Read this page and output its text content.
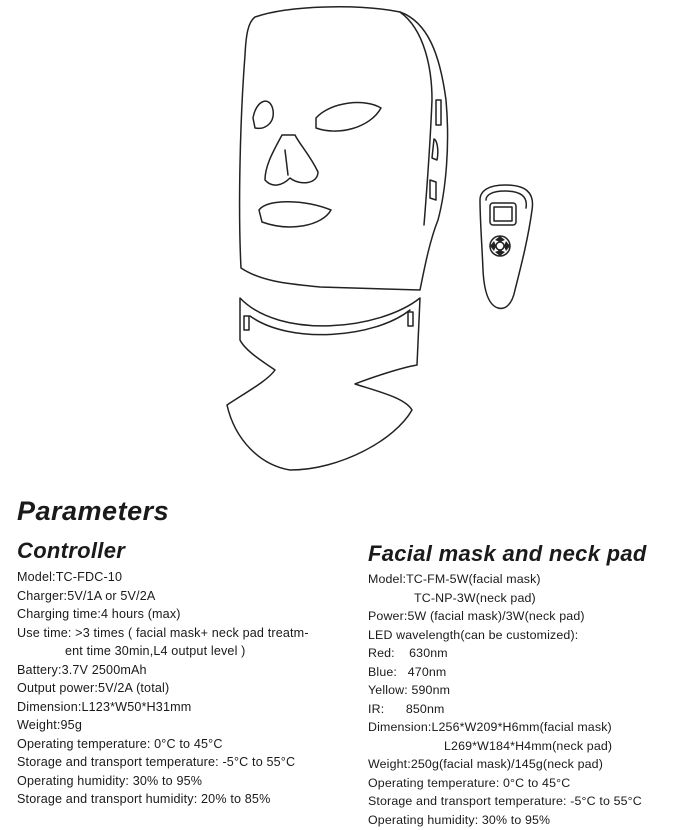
Parameters
Controller
Model:TC-FDC-10
Charger:5V/1A or 5V/2A
Charging time:4 hours (max)
Use time: >3 times ( facial mask+ neck pad treatm-
ent time 30min,L4 output level )
Battery:3.7V 2500mAh
Output power:5V/2A (total)
Dimension:L123*W50*H31mm
Weight:95g
Operating temperature: 0°C to 45°C
Storage and transport temperature: -5°C to 55°C
Operating humidity: 30% to 95%
Storage and transport humidity: 20% to 85%
Facial mask and neck pad
Model:TC-FM-5W(facial mask)
TC-NP-3W(neck pad)
Power:5W (facial mask)/3W(neck pad)
LED wavelength(can be customized):
Red:    630nm
Blue:   470nm
Yellow: 590nm
IR:      850nm
Dimension:L256*W209*H6mm(facial mask)
L269*W184*H4mm(neck pad)
Weight:250g(facial mask)/145g(neck pad)
Operating temperature: 0°C to 45°C
Storage and transport temperature: -5°C to 55°C
Operating humidity: 30% to 95%
